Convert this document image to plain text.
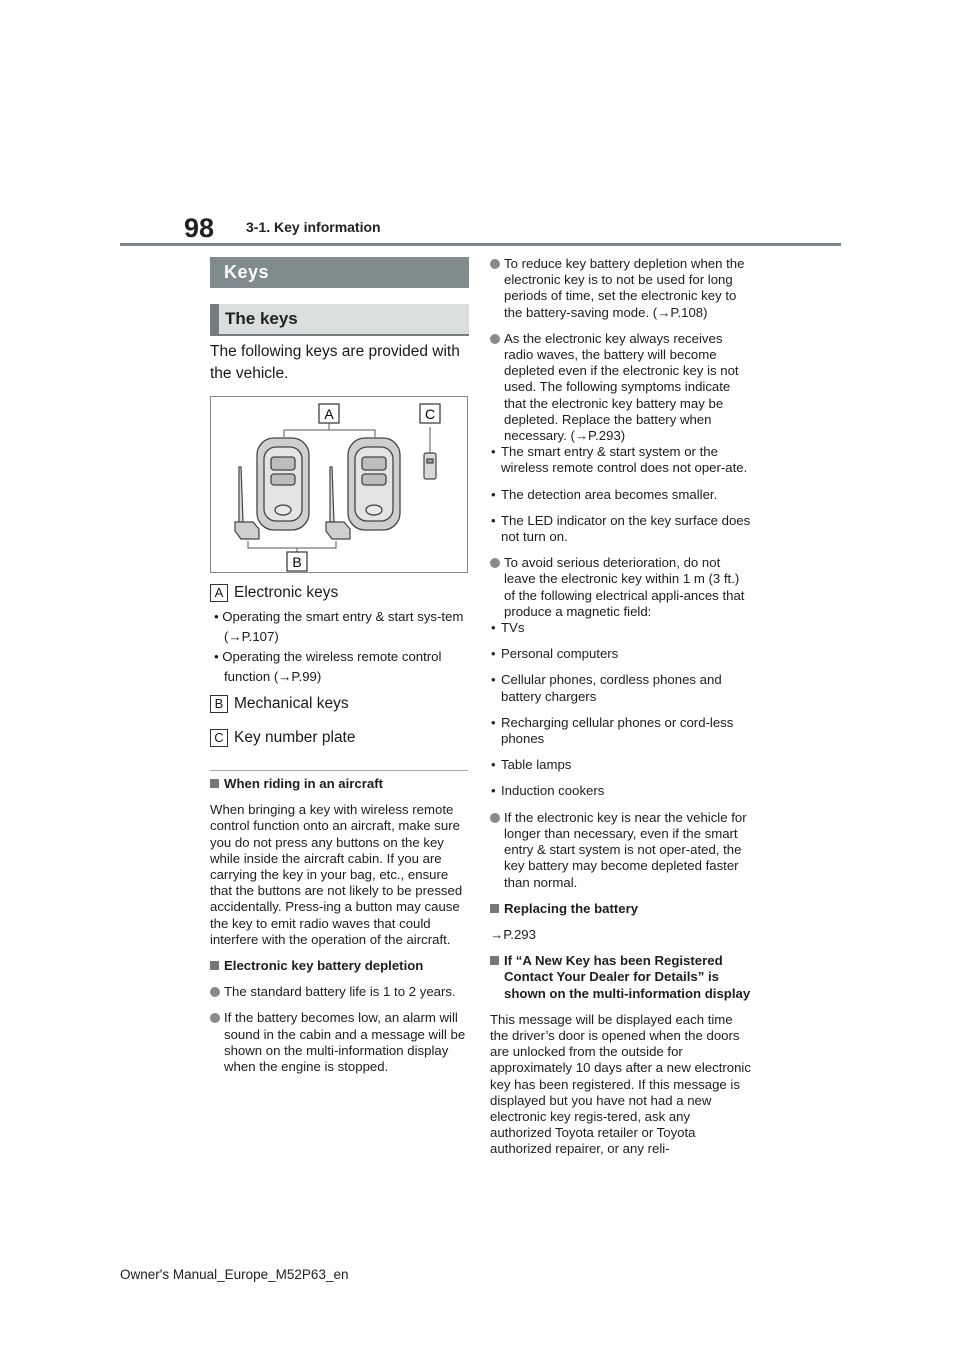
98 3-1. Key information
Keys
The keys
The following keys are provided with the vehicle.
A	C
B
A Electronic keys
• Operating the smart entry & start sys-tem (→P.107)
• Operating the wireless remote control function (→P.99)
B Mechanical keys
C Key number plate

When riding in an aircraft

When bringing a key with wireless remote control function onto an aircraft, make sure you do not press any buttons on the key while inside the aircraft cabin. If you are carrying the key in your bag, etc., ensure that the buttons are not likely to be pressed accidentally. Press-ing a button may cause the key to emit radio waves that could interfere with the operation of the aircraft.

Electronic key battery depletion

The standard battery life is 1 to 2 years.

If the battery becomes low, an alarm will sound in the cabin and a message will be shown on the multi-information display when the engine is stopped.

To reduce key battery depletion when the electronic key is to not be used for long periods of time, set the electronic key to the battery-saving mode. (→P.108)

As the electronic key always receives radio waves, the battery will become depleted even if the electronic key is not used. The following symptoms indicate that the electronic key battery may be depleted. Replace the battery when necessary. (→P.293)

• The smart entry & start system or the wireless remote control does not oper-ate.

• The detection area becomes smaller.

• The LED indicator on the key surface does not turn on.

To avoid serious deterioration, do not leave the electronic key within 1 m (3 ft.) of the following electrical appli-ances that produce a magnetic field:

• TVs

• Personal computers

• Cellular phones, cordless phones and battery chargers

• Recharging cellular phones or cord-less phones

• Table lamps

• Induction cookers

If the electronic key is near the vehicle for longer than necessary, even if the smart entry & start system is not oper-ated, the key battery may become depleted faster than normal.

Replacing the battery

→P.293

If “A New Key has been Registered Contact Your Dealer for Details” is shown on the multi-information display

This message will be displayed each time the driver’s door is opened when the doors are unlocked from the outside for approximately 10 days after a new electronic key has been registered. If this message is displayed but you have not had a new electronic key regis-tered, ask any authorized Toyota retailer or Toyota authorized repairer, or any reli-

Owner's Manual_Europe_M52P63_en
